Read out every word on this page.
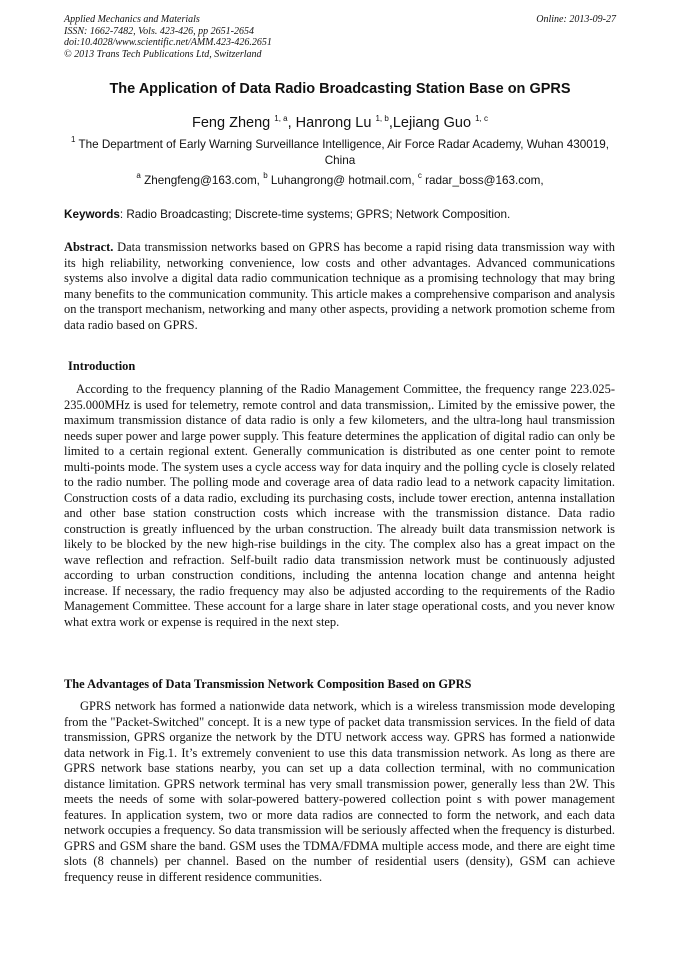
Applied Mechanics and Materials
ISSN: 1662-7482, Vols. 423-426, pp 2651-2654
doi:10.4028/www.scientific.net/AMM.423-426.2651
© 2013 Trans Tech Publications Ltd, Switzerland
Online: 2013-09-27
The Application of Data Radio Broadcasting Station Base on GPRS
Feng Zheng $^{1, a}$, Hanrong Lu $^{1, b}$,Lejiang Guo $^{1, c}$
$^1$ The Department of Early Warning Surveillance Intelligence, Air Force Radar Academy, Wuhan 430019, China
$^a$ Zhengfeng@163.com, $^b$ Luhangrong@ hotmail.com, $^c$ radar_boss@163.com,
Keywords: Radio Broadcasting; Discrete-time systems; GPRS; Network Composition.

Abstract. Data transmission networks based on GPRS has become a rapid rising data transmission way with its high reliability, networking convenience, low costs and other advantages. Advanced communications systems also involve a digital data radio communication technique as a promising technology that may bring many benefits to the communication community. This article makes a comprehensive comparison and analysis on the transport mechanism, networking and many other aspects, providing a network promotion scheme from data radio based on GPRS.

Introduction

According to the frequency planning of the Radio Management Committee, the frequency range 223.025-235.000MHz is used for telemetry, remote control and data transmission,. Limited by the emissive power, the maximum transmission distance of data radio is only a few kilometers, and the ultra-long haul transmission needs super power and large power supply. This feature determines the application of digital radio can only be limited to a certain regional extent. Generally communication is distributed as one center point to remote multi-points mode. The system uses a cycle access way for data inquiry and the polling cycle is closely related to the radio number. The polling mode and coverage area of data radio lead to a network capacity limitation. Construction costs of a data radio, excluding its purchasing costs, include tower erection, antenna installation and other base station construction costs which increase with the transmission distance. Data radio construction is greatly influenced by the urban construction. The already built data transmission network is likely to be blocked by the new high-rise buildings in the city. The complex also has a great impact on the wave reflection and refraction. Self-built radio data transmission network must be continuously adjusted according to urban construction conditions, including the antenna location change and antenna height increase. If necessary, the radio frequency may also be adjusted according to the requirements of the Radio Management Committee. These account for a large share in later stage operational costs, and you never know what extra work or expense is required in the next step.

The Advantages of Data Transmission Network Composition Based on GPRS

GPRS network has formed a nationwide data network, which is a wireless transmission mode developing from the "Packet-Switched" concept. It is a new type of packet data transmission services. In the field of data transmission, GPRS organize the network by the DTU network access way. GPRS has formed a nationwide data network in Fig.1. It’s extremely convenient to use this data transmission network. As long as there are GPRS network base stations nearby, you can set up a data collection terminal, with no communication distance limitation. GPRS network terminal has very small transmission power, generally less than 2W. This meets the needs of some with solar-powered battery-powered collection point s with power management features. In application system, two or more data radios are connected to form the network, and each data network occupies a frequency. So data transmission will be seriously affected when the frequency is disturbed. GPRS and GSM share the band. GSM uses the TDMA/FDMA multiple access mode, and there are eight time slots (8 channels) per channel. Based on the number of residential users (density), GSM can achieve frequency reuse in different residence communities.
